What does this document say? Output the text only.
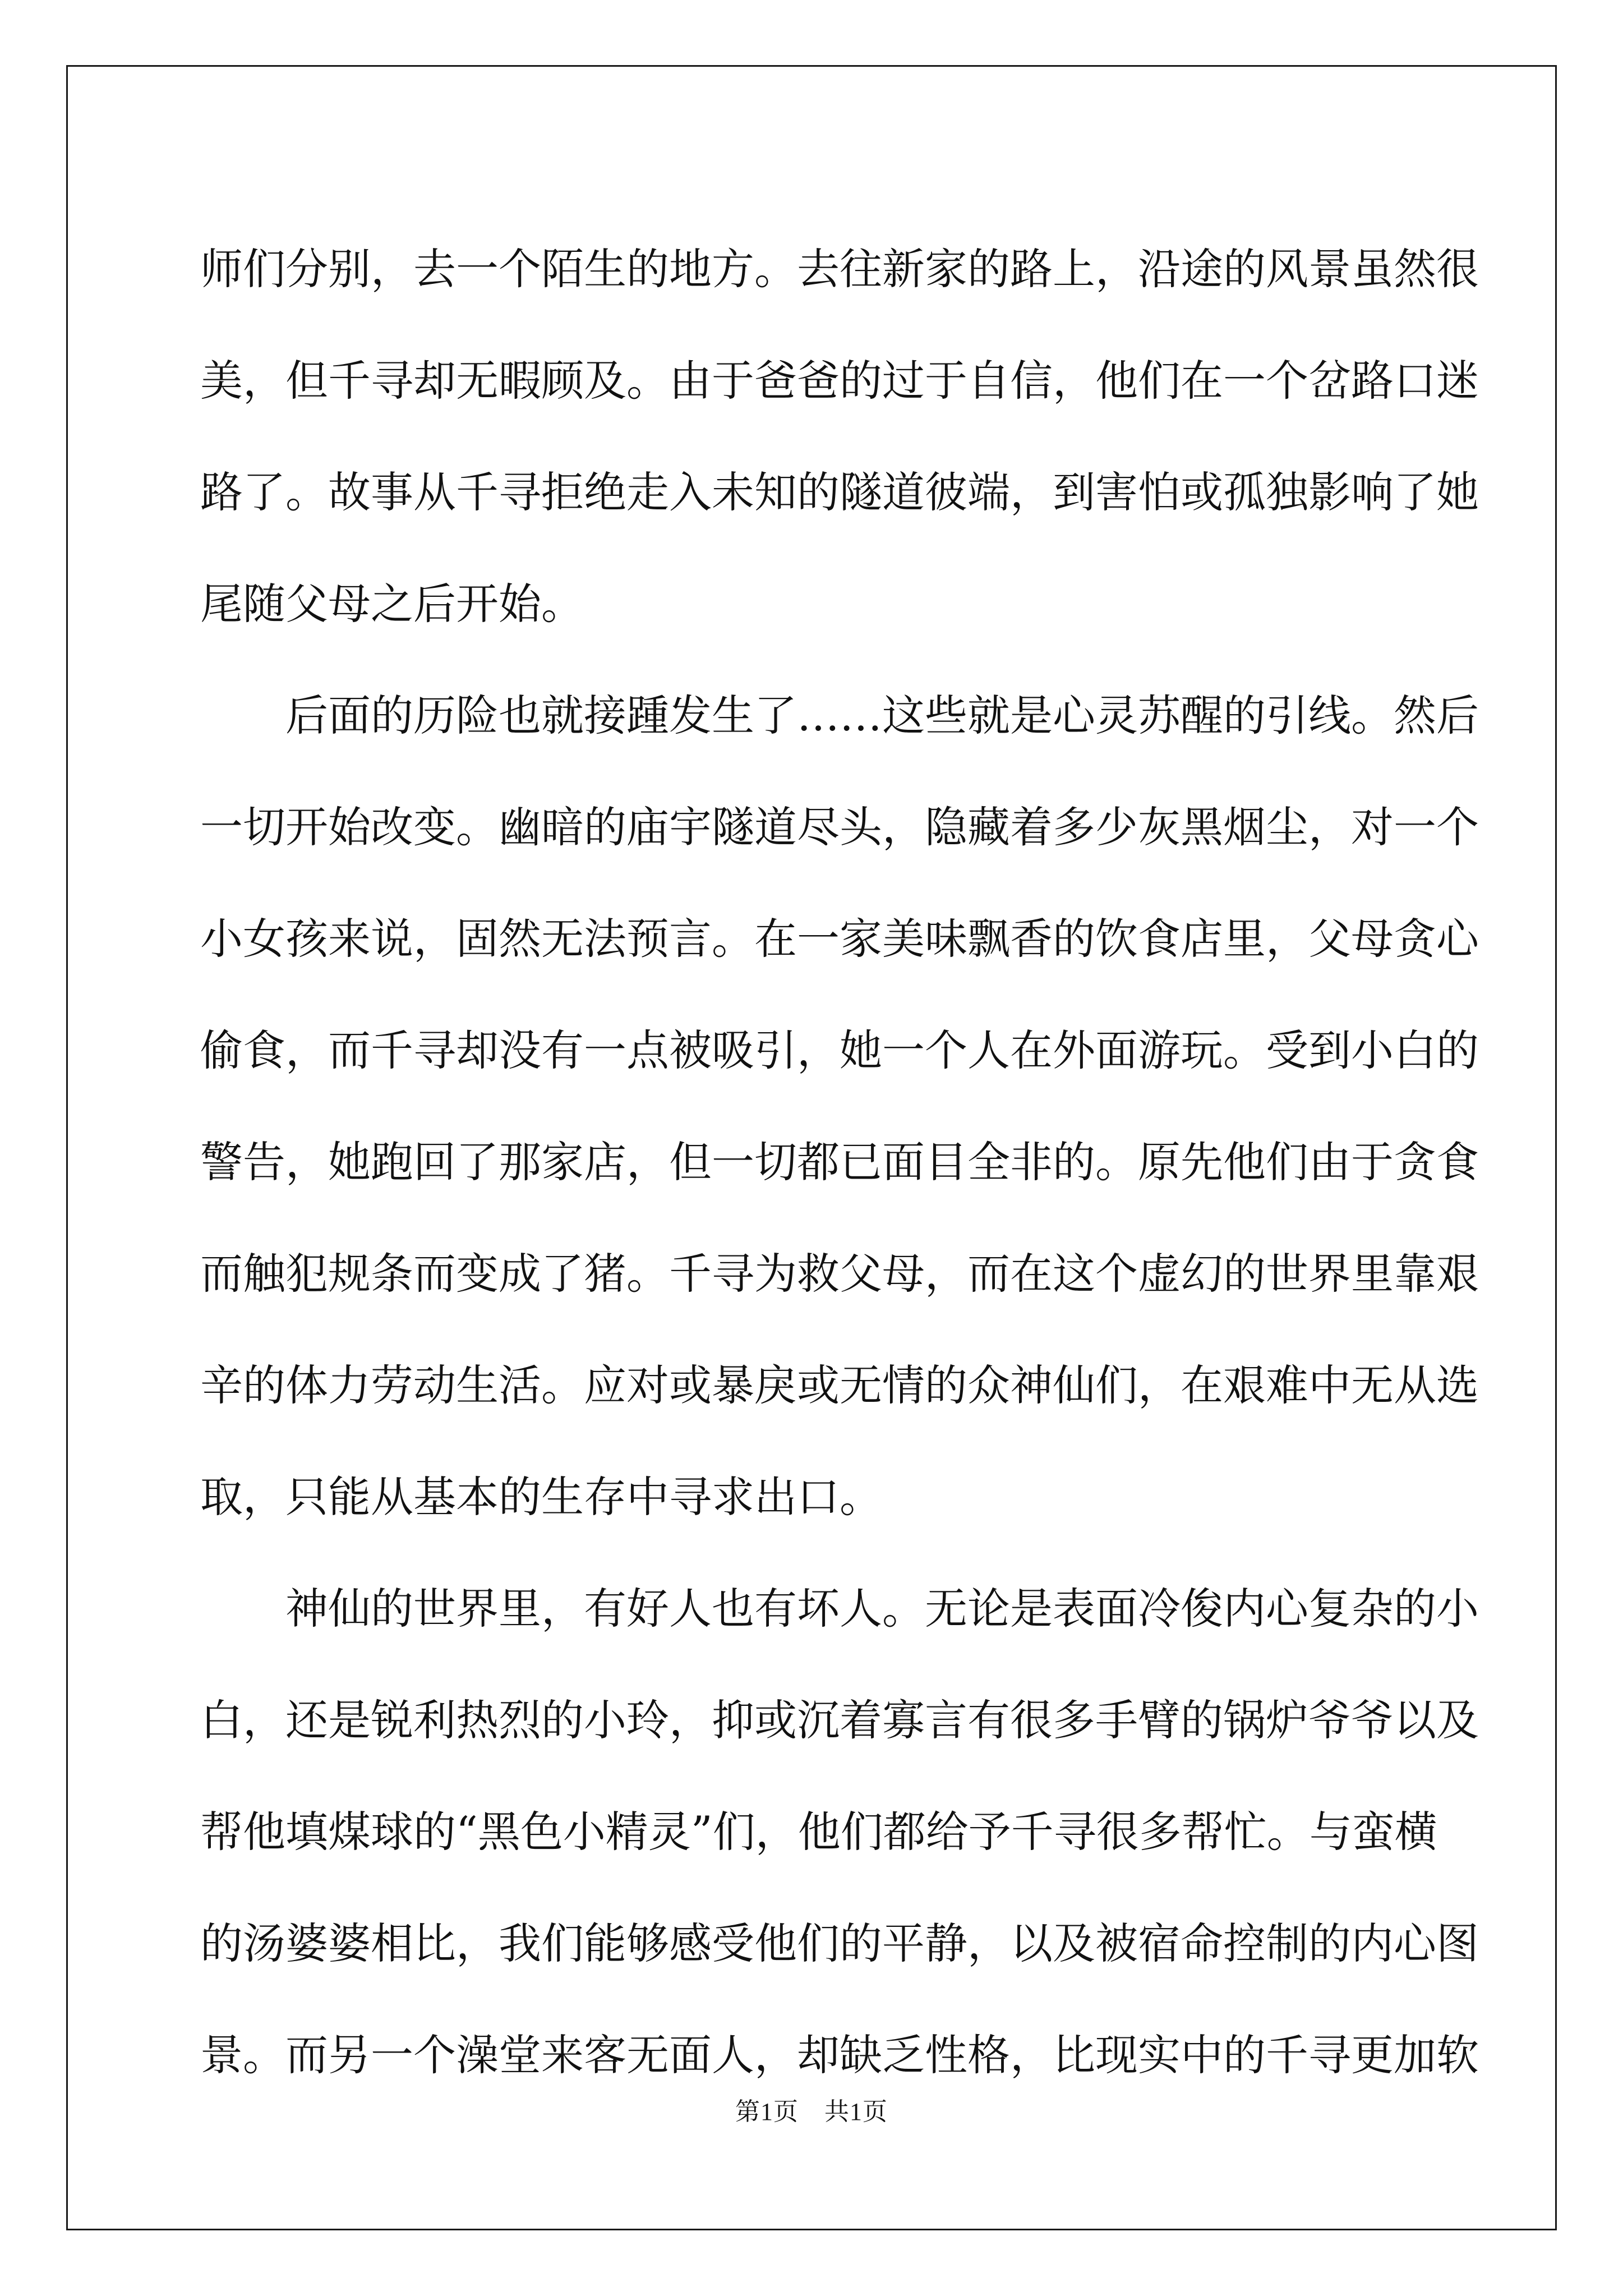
师们分别，去一个陌生的地方。去往新家的路上，沿途的风景虽然很
美，但千寻却无暇顾及。由于爸爸的过于自信，他们在一个岔路口迷
路了。故事从千寻拒绝走入未知的隧道彼端，到害怕或孤独影响了她
尾随父母之后开始。
　　后面的历险也就接踵发生了……这些就是心灵苏醒的引线。然后
一切开始改变。幽暗的庙宇隧道尽头，隐藏着多少灰黑烟尘，对一个
小女孩来说，固然无法预言。在一家美味飘香的饮食店里，父母贪心
偷食，而千寻却没有一点被吸引，她一个人在外面游玩。受到小白的
警告，她跑回了那家店，但一切都已面目全非的。原先他们由于贪食
而触犯规条而变成了猪。千寻为救父母，而在这个虚幻的世界里靠艰
辛的体力劳动生活。应对或暴戾或无情的众神仙们，在艰难中无从选
取，只能从基本的生存中寻求出口。
　　神仙的世界里，有好人也有坏人。无论是表面冷俊内心复杂的小
白，还是锐利热烈的小玲，抑或沉着寡言有很多手臂的锅炉爷爷以及
帮他填煤球的“黑色小精灵”们，他们都给予千寻很多帮忙。与蛮横
的汤婆婆相比，我们能够感受他们的平静，以及被宿命控制的内心图
景。而另一个澡堂来客无面人，却缺乏性格，比现实中的千寻更加软
第1页 共1页
